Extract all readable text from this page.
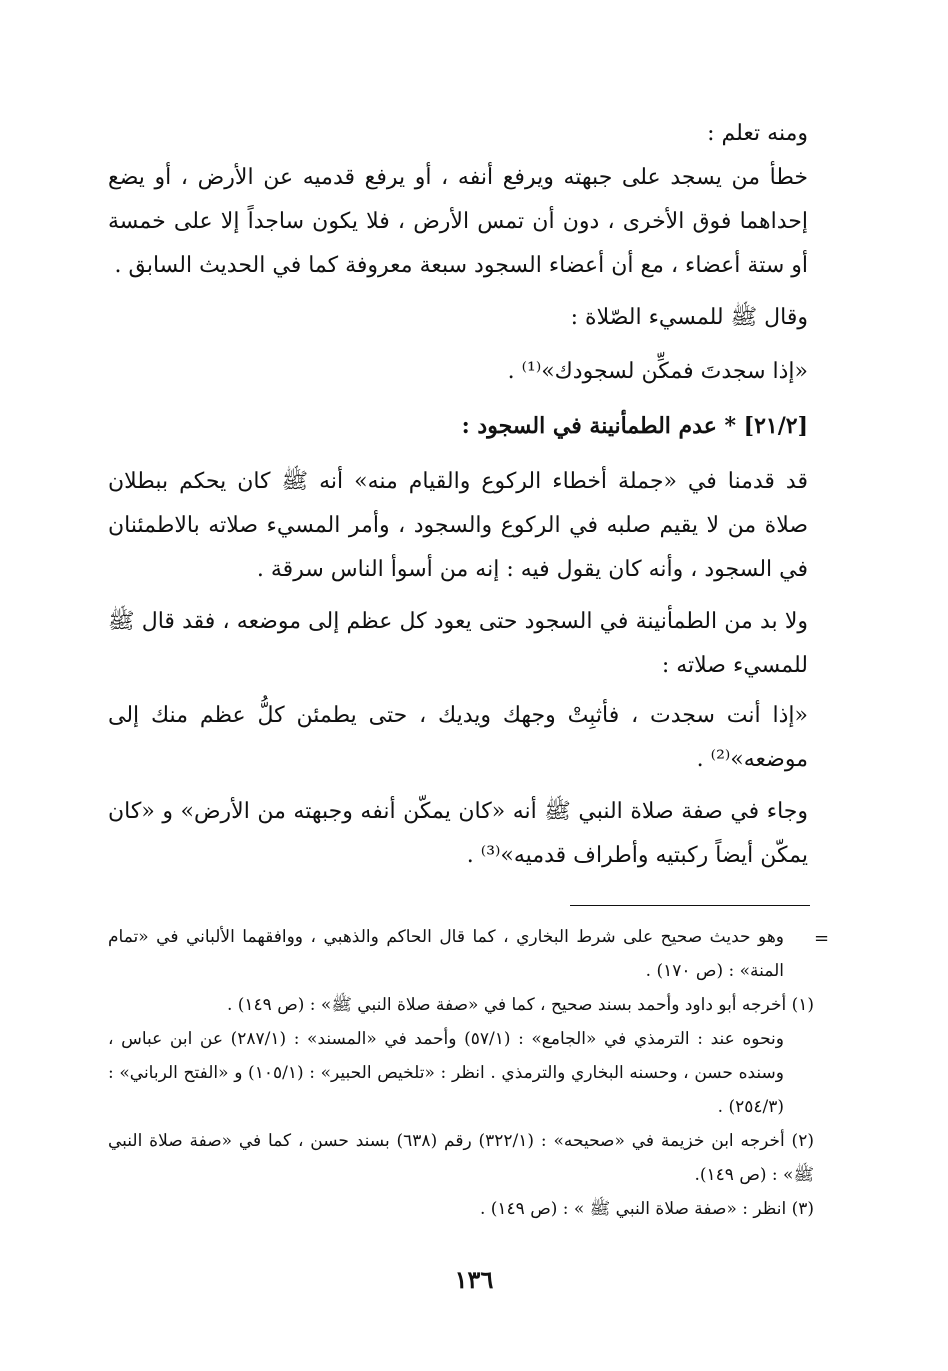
ومنه تعلم :

خطأ من يسجد على جبهته ويرفع أنفه ، أو يرفع قدميه عن الأرض ، أو يضع إحداهما فوق الأخرى ، دون أن تمس الأرض ، فلا يكون ساجداً إلا على خمسة أو ستة أعضاء ، مع أن أعضاء السجود سبعة معروفة كما في الحديث السابق .

وقال ﷺ للمسيء الصّلاة :

«إذا سجدتَ فمكِّن لسجودك»⁽¹⁾ .

[٢١/٢] * عدم الطمأنينة في السجود :

قد قدمنا في «جملة أخطاء الركوع والقيام منه» أنه ﷺ كان يحكم ببطلان صلاة من لا يقيم صلبه في الركوع والسجود ، وأمر المسيء صلاته بالاطمئنان في السجود ، وأنه كان يقول فيه : إنه من أسوأ الناس سرقة .

ولا بد من الطمأنينة في السجود حتى يعود كل عظم إلى موضعه ، فقد قال ﷺ للمسيء صلاته :

«إذا أنت سجدت ، فأثبِتْ وجهك ويديك ، حتى يطمئن كلُّ عظم منك إلى موضعه»⁽²⁾ .

وجاء في صفة صلاة النبي ﷺ أنه «كان يمكّن أنفه وجبهته من الأرض» و «كان يمكّن أيضاً ركبتيه وأطراف قدميه»⁽³⁾ .

=

وهو حديث صحيح على شرط البخاري ، كما قال الحاكم والذهبي ، ووافقهما الألباني في «تمام المنة» : (ص ١٧٠) .

(١) أخرجه أبو داود وأحمد بسند صحيح ، كما في «صفة صلاة النبي ﷺ» : (ص ١٤٩) .

ونحوه عند : الترمذي في «الجامع» : (٥٧/١) وأحمد في «المسند» : (٢٨٧/١) عن ابن عباس ، وسنده حسن ، وحسنه البخاري والترمذي . انظر : «تلخيص الحبير» : (١٠٥/١) و «الفتح الرباني» : (٢٥٤/٣) .

(٢) أخرجه ابن خزيمة في «صحيحه» : (٣٢٢/١) رقم (٦٣٨) بسند حسن ، كما في «صفة صلاة النبي ﷺ» : (ص ١٤٩).

(٣) انظر : «صفة صلاة النبي ﷺ » : (ص ١٤٩) .

١٣٦
